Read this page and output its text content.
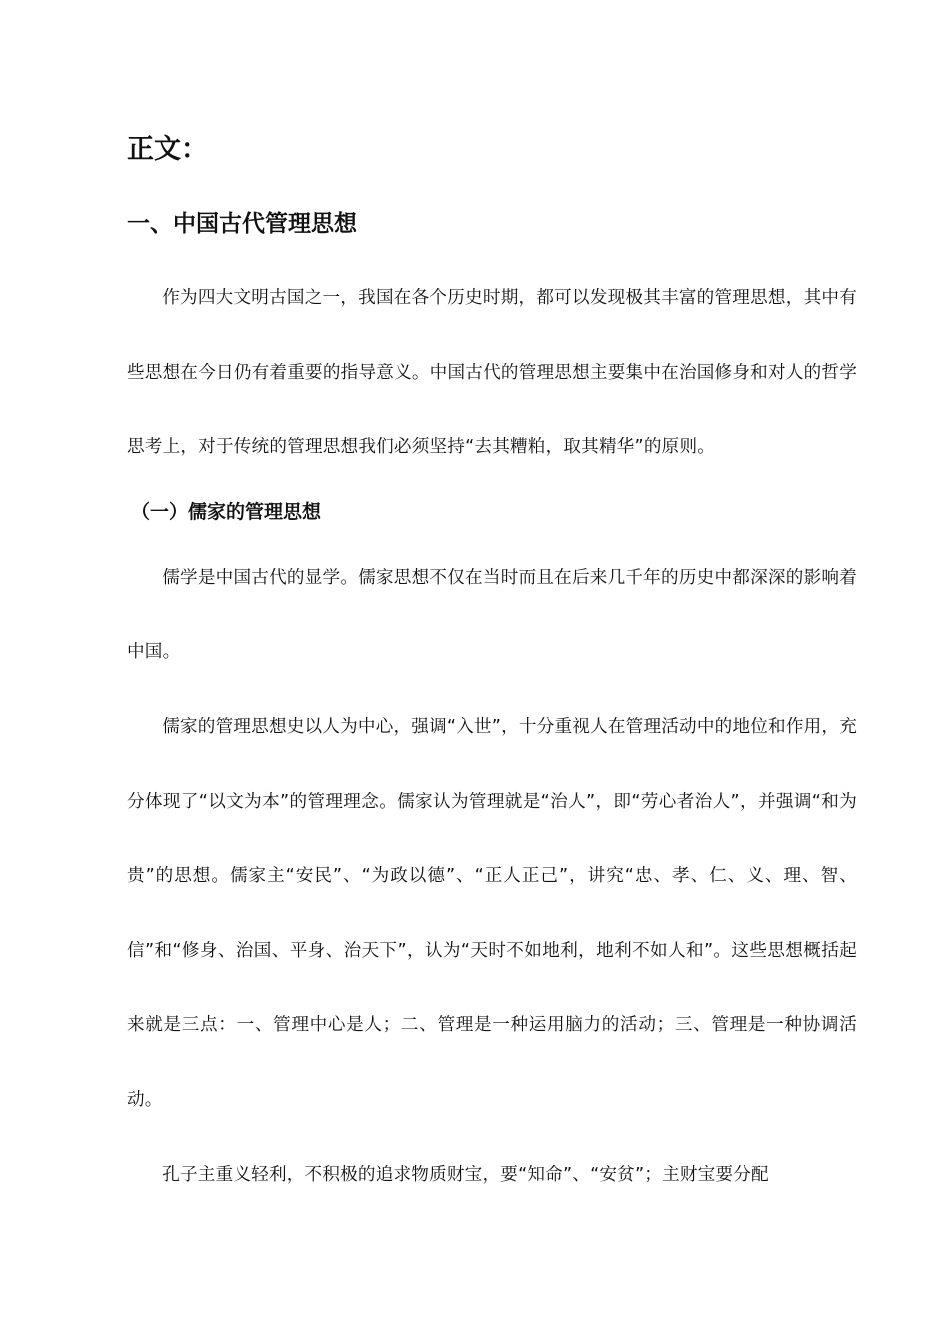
正文：
一、中国古代管理思想

作为四大文明古国之一，我国在各个历史时期，都可以发现极其丰富的管理思想，其中有些思想在今日仍有着重要的指导意义。中国古代的管理思想主要集中在治国修身和对人的哲学思考上，对于传统的管理思想我们必须坚持“去其糟粕，取其精华”的原则。

（一）儒家的管理思想

儒学是中国古代的显学。儒家思想不仅在当时而且在后来几千年的历史中都深深的影响着中国。

儒家的管理思想史以人为中心，强调“入世”，十分重视人在管理活动中的地位和作用，充分体现了“以文为本”的管理理念。儒家认为管理就是“治人”，即“劳心者治人”，并强调“和为贵”的思想。儒家主“安民”、“为政以德”、“正人正己”，讲究“忠、孝、仁、义、理、智、信”和“修身、治国、平身、治天下”，认为“天时不如地利，地利不如人和”。这些思想概括起来就是三点：一、管理中心是人；二、管理是一种运用脑力的活动；三、管理是一种协调活动。

孔子主重义轻利，不积极的追求物质财宝，要“知命”、“安贫”；主财宝要分配
